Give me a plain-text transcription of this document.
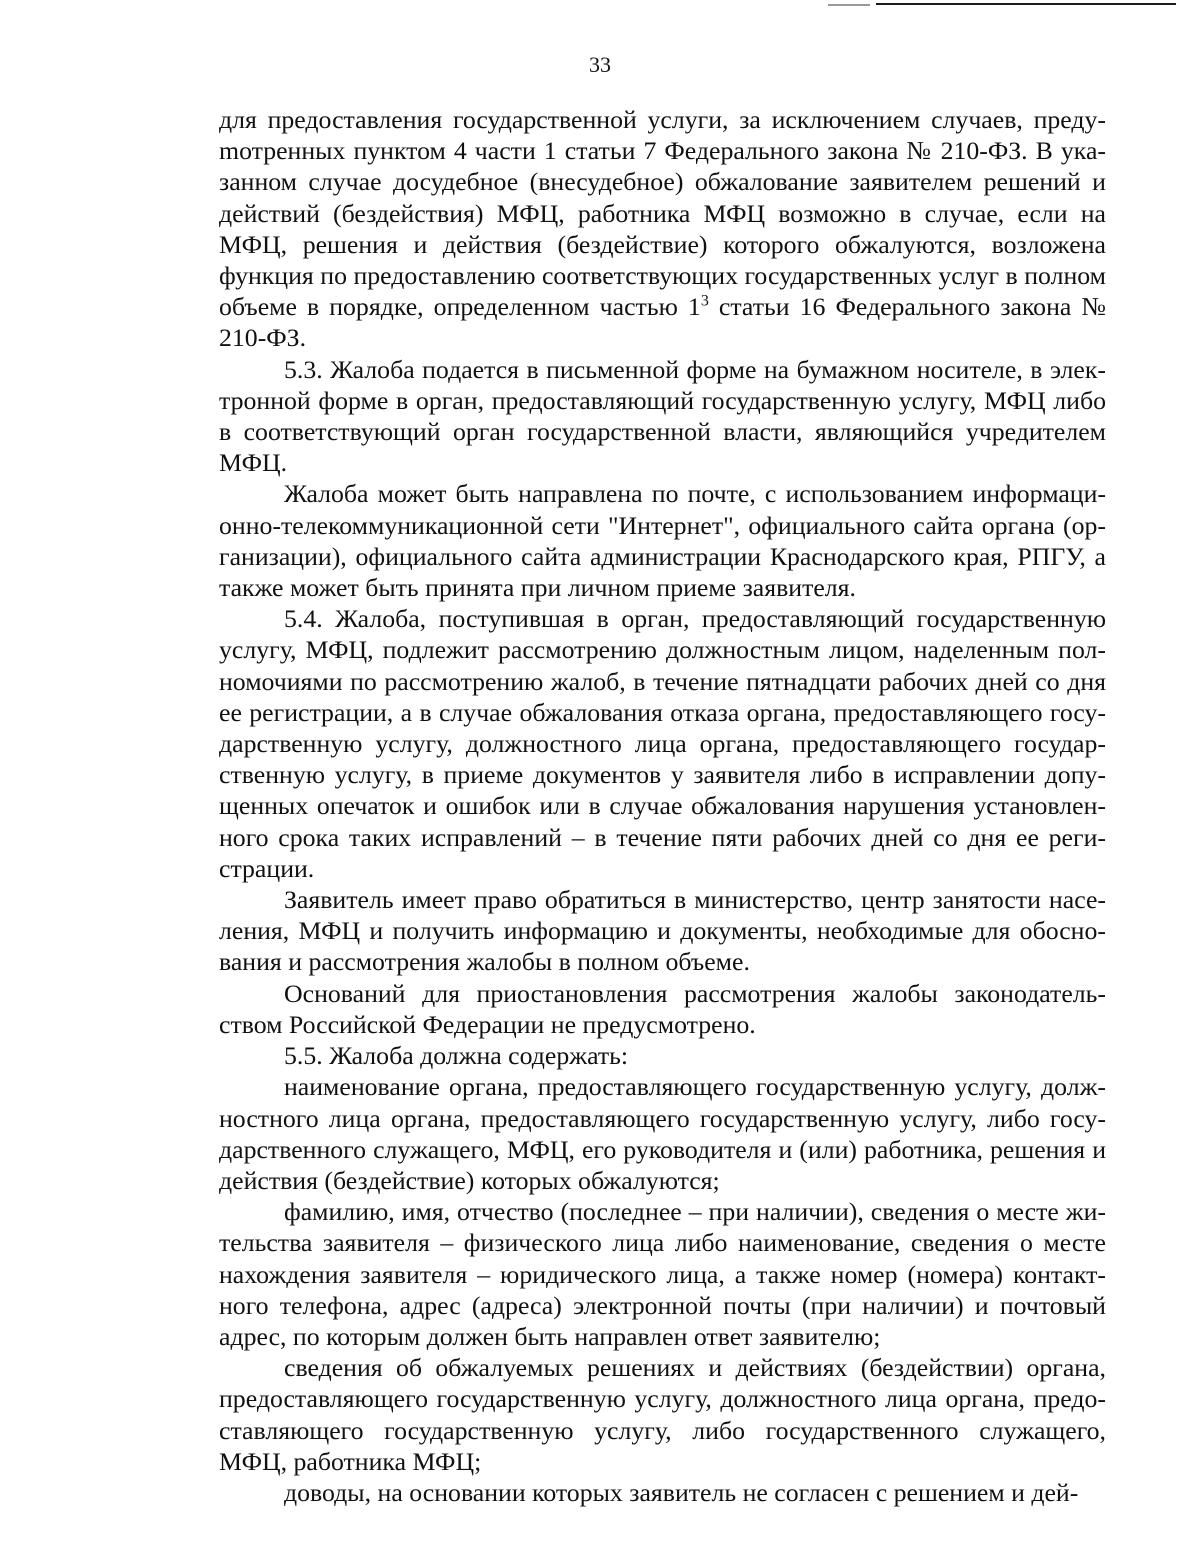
33

для предоставления государственной услуги, за исключением случаев, предуmотренных пунктом 4 части 1 статьи 7 Федерального закона № 210-ФЗ. В указанном случае досудебное (внесудебное) обжалование заявителем решений и действий (бездействия) МФЦ, работника МФЦ возможно в случае, если на МФЦ, решения и действия (бездействие) которого обжалуются, возложена функция по предоставлению соответствующих государственных услуг в полном объеме в порядке, определенном частью 1$^3$ статьи 16 Федерального закона № 210-ФЗ.

5.3. Жалоба подается в письменной форме на бумажном носителе, в электронной форме в орган, предоставляющий государственную услугу, МФЦ либо в соответствующий орган государственной власти, являющийся учредителем МФЦ.

Жалоба может быть направлена по почте, с использованием информационно-телекоммуникационной сети "Интернет", официального сайта органа (организации), официального сайта администрации Краснодарского края, РПГУ, а также может быть принята при личном приеме заявителя.

5.4. Жалоба, поступившая в орган, предоставляющий государственную услугу, МФЦ, подлежит рассмотрению должностным лицом, наделенным полномочиями по рассмотрению жалоб, в течение пятнадцати рабочих дней со дня ее регистрации, а в случае обжалования отказа органа, предоставляющего государственную услугу, должностного лица органа, предоставляющего государственную услугу, в приеме документов у заявителя либо в исправлении допущенных опечаток и ошибок или в случае обжалования нарушения установленного срока таких исправлений – в течение пяти рабочих дней со дня ее регистрации.

Заявитель имеет право обратиться в министерство, центр занятости населения, МФЦ и получить информацию и документы, необходимые для обоснования и рассмотрения жалобы в полном объеме.

Оснований для приостановления рассмотрения жалобы законодательством Российской Федерации не предусмотрено.

5.5. Жалоба должна содержать:

наименование органа, предоставляющего государственную услугу, должностного лица органа, предоставляющего государственную услугу, либо государственного служащего, МФЦ, его руководителя и (или) работника, решения и действия (бездействие) которых обжалуются;

фамилию, имя, отчество (последнее – при наличии), сведения о месте жительства заявителя – физического лица либо наименование, сведения о месте нахождения заявителя – юридического лица, а также номер (номера) контактного телефона, адрес (адреса) электронной почты (при наличии) и почтовый адрес, по которым должен быть направлен ответ заявителю;

сведения об обжалуемых решениях и действиях (бездействии) органа, предоставляющего государственную услугу, должностного лица органа, предоставляющего государственную услугу, либо государственного служащего, МФЦ, работника МФЦ;

доводы, на основании которых заявитель не согласен с решением и дей-
